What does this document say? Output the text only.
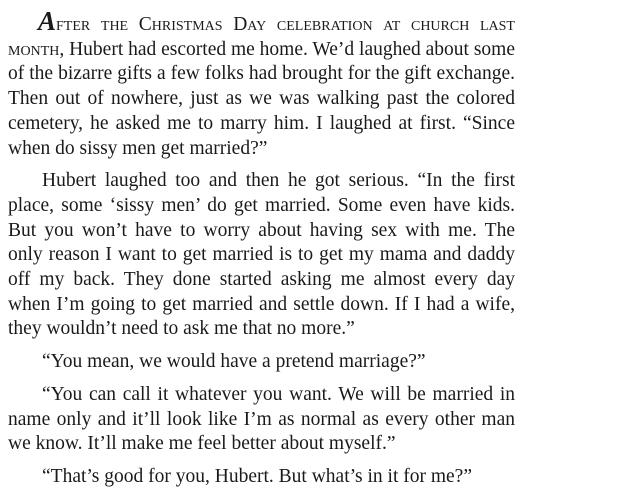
After the Christmas Day celebration at church last month, Hubert had escorted me home. We’d laughed about some of the bizarre gifts a few folks had brought for the gift exchange. Then out of nowhere, just as we was walking past the colored cemetery, he asked me to marry him. I laughed at first. “Since when do sissy men get married?”

Hubert laughed too and then he got serious. “In the first place, some ‘sissy men’ do get married. Some even have kids. But you won’t have to worry about having sex with me. The only reason I want to get married is to get my mama and daddy off my back. They done started asking me almost every day when I’m going to get married and settle down. If I had a wife, they wouldn’t need to ask me that no more.”

“You mean, we would have a pretend marriage?”

“You can call it whatever you want. We will be married in name only and it’ll look like I’m as normal as every other man we know. It’ll make me feel better about myself.”

“That’s good for you, Hubert. But what’s in it for me?”
